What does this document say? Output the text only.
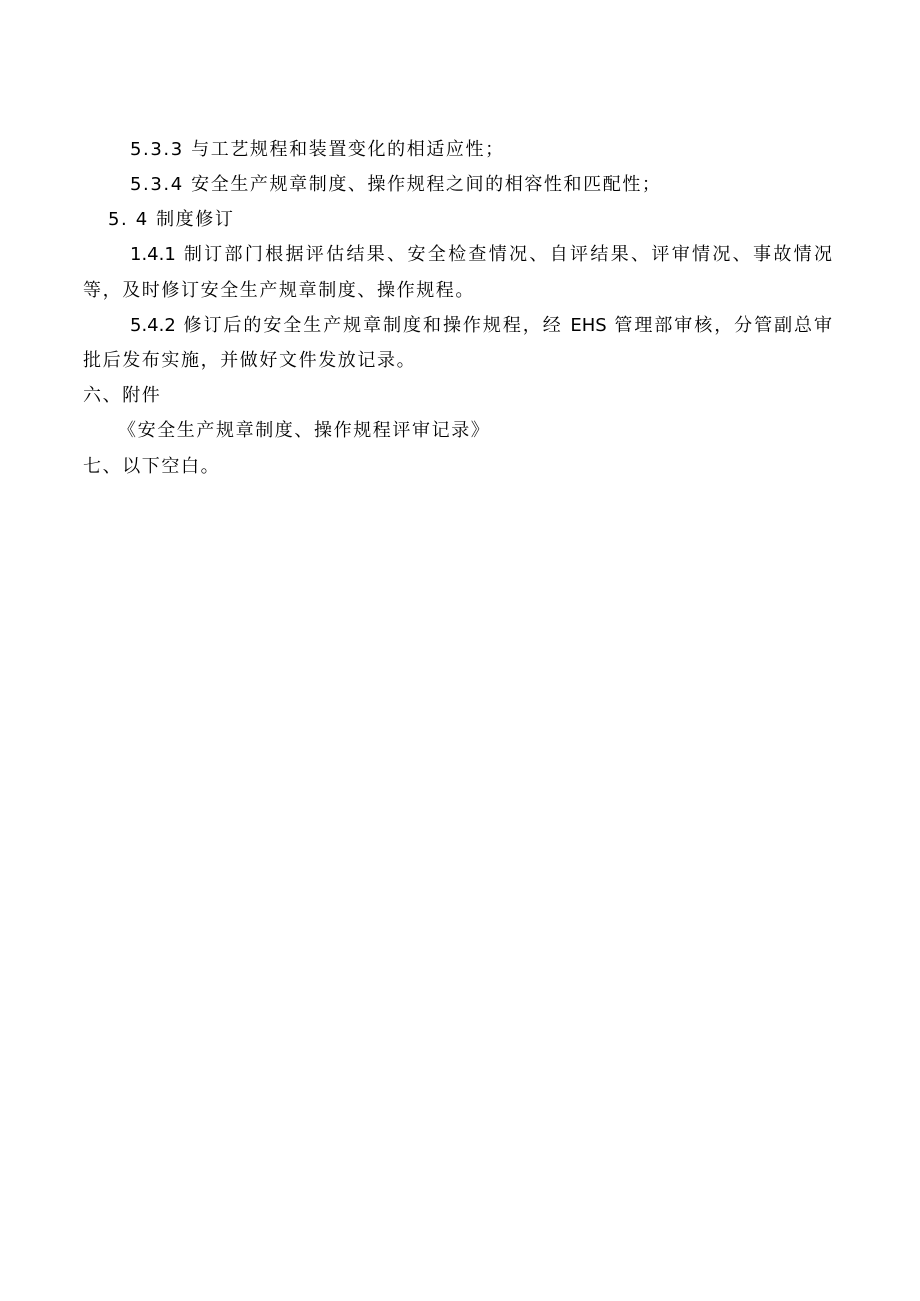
5.3.3 与工艺规程和装置变化的相适应性；
5.3.4 安全生产规章制度、操作规程之间的相容性和匹配性；
5. 4 制度修订
1.4.1 制订部门根据评估结果、安全检查情况、自评结果、评审情况、事故情况
等，及时修订安全生产规章制度、操作规程。
5.4.2 修订后的安全生产规章制度和操作规程，经 EHS 管理部审核，分管副总审
批后发布实施，并做好文件发放记录。
六、附件
《安全生产规章制度、操作规程评审记录》
七、以下空白。
